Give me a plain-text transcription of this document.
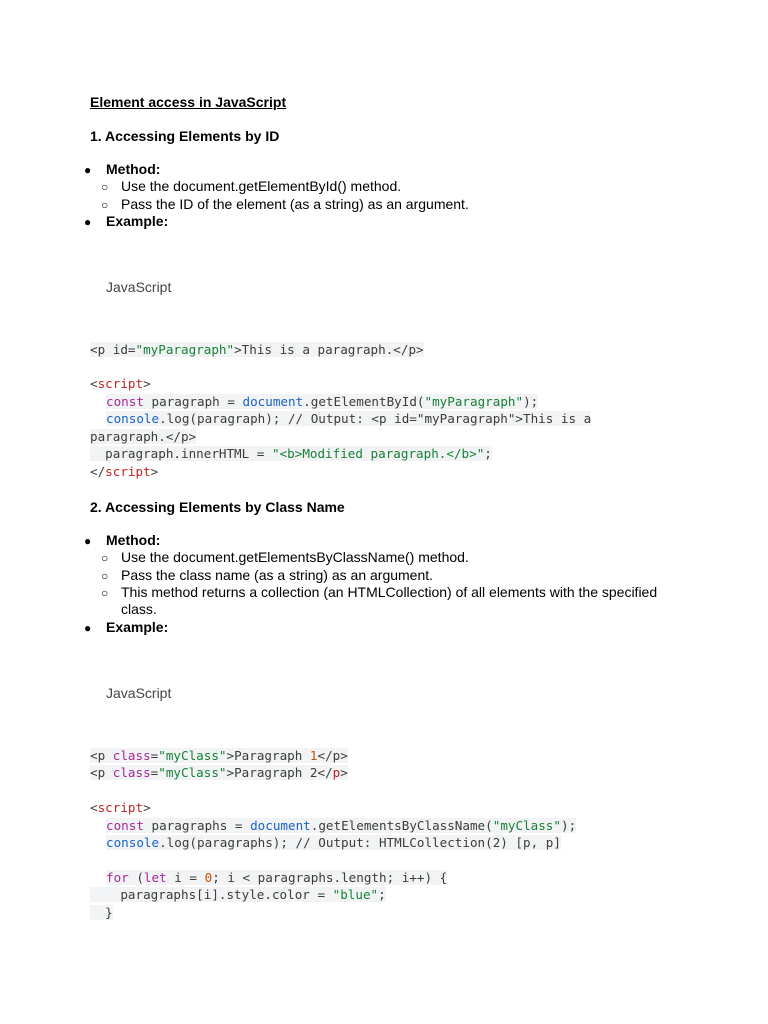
Element access in JavaScript
1. Accessing Elements by ID
● Method:
○ Use the document.getElementById() method.
○ Pass the ID of the element (as a string) as an argument.
● Example:
JavaScript
<p id="myParagraph">This is a paragraph.</p>
<script>
const paragraph = document.getElementById("myParagraph");
console.log(paragraph); // Output: <p id="myParagraph">This is a
paragraph.</p>
paragraph.innerHTML = "<b>Modified paragraph.</b>";
</script>
2. Accessing Elements by Class Name
● Method:
○ Use the document.getElementsByClassName() method.
○ Pass the class name (as a string) as an argument.
○ This method returns a collection (an HTMLCollection) of all elements with the specified
class.
● Example:
JavaScript
<p class="myClass">Paragraph 1</p>
<p class="myClass">Paragraph 2</p>
<script>
const paragraphs = document.getElementsByClassName("myClass");
console.log(paragraphs); // Output: HTMLCollection(2) [p, p]
for (let i = 0; i < paragraphs.length; i++) {
paragraphs[i].style.color = "blue";
}
